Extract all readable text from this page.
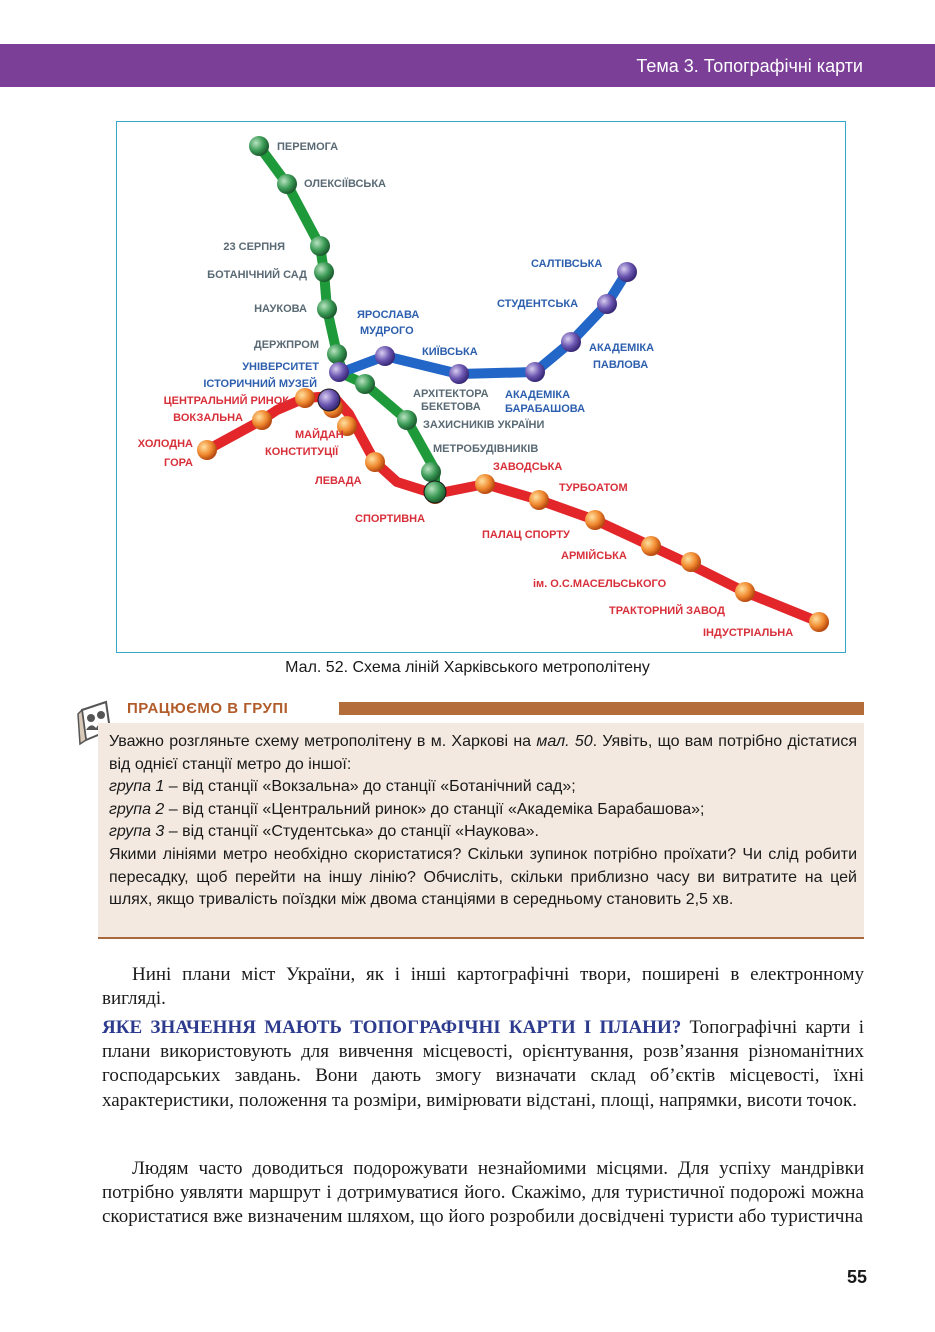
Тема 3. Топографічні карти
ПЕРЕМОГА
ОЛЕКСІЇВСЬКА
23 СЕРПНЯ
БОТАНІЧНИЙ САД
НАУКОВА
ДЕРЖПРОМ
АРХІТЕКТОРА
БЕКЕТОВА
ЗАХИСНИКІВ УКРАЇНИ
МЕТРОБУДІВНИКІВ
УНІВЕРСИТЕТ
ІСТОРИЧНИЙ МУЗЕЙ
ЯРОСЛАВА
МУДРОГО
КИЇВСЬКА
АКАДЕМІКА
БАРАБАШОВА
АКАДЕМІКА
ПАВЛОВА
СТУДЕНТСЬКА
САЛТІВСЬКА
ЦЕНТРАЛЬНИЙ РИНОК
ВОКЗАЛЬНА
ХОЛОДНА
ГОРА
МАЙДАН
КОНСТИТУЦІЇ
ЛЕВАДА
СПОРТИВНА
ЗАВОДСЬКА
ТУРБОАТОМ
ПАЛАЦ СПОРТУ
АРМІЙСЬКА
ім. О.С.МАСЕЛЬСЬКОГО
ТРАКТОРНИЙ ЗАВОД
ІНДУСТРІАЛЬНА
Мал. 52. Схема ліній Харківського метрополітену
ПРАЦЮЄМО В ГРУПІ

Уважно розгляньте схему метрополітену в м. Харкові на мал. 50. Уявіть, що вам потрібно дістатися від однієї станції метро до іншої:

група 1 – від станції «Вокзальна» до станції «Ботанічний сад»;

група 2 – від станції «Центральний ринок» до станції «Академіка Барабашова»;

група 3 – від станції «Студентська» до станції «Наукова».

Якими лініями метро необхідно скористатися? Скільки зупинок потрібно проїхати? Чи слід робити пересадку, щоб перейти на іншу лінію? Обчисліть, скільки приблизно часу ви витратите на цей шлях, якщо тривалість поїздки між двома станціями в середньому становить 2,5 хв.

Нині плани міст України, як і інші картографічні твори, поширені в електронному вигляді.

ЯКЕ ЗНАЧЕННЯ МАЮТЬ ТОПОГРАФІЧНІ КАРТИ І ПЛАНИ? Топографічні карти і плани використовують для вивчення місцевості, орієнтування, розв’язання різноманітних господарських завдань. Вони дають змогу визначати склад об’єктів місцевості, їхні характеристики, положення та розміри, вимірювати відстані, площі, напрямки, висоти точок.

Людям часто доводиться подорожувати незнайомими місцями. Для успіху мандрівки потрібно уявляти маршрут і дотримуватися його. Скажімо, для туристичної подорожі можна скористатися вже визначеним шляхом, що його розробили досвідчені туристи або туристична

55
